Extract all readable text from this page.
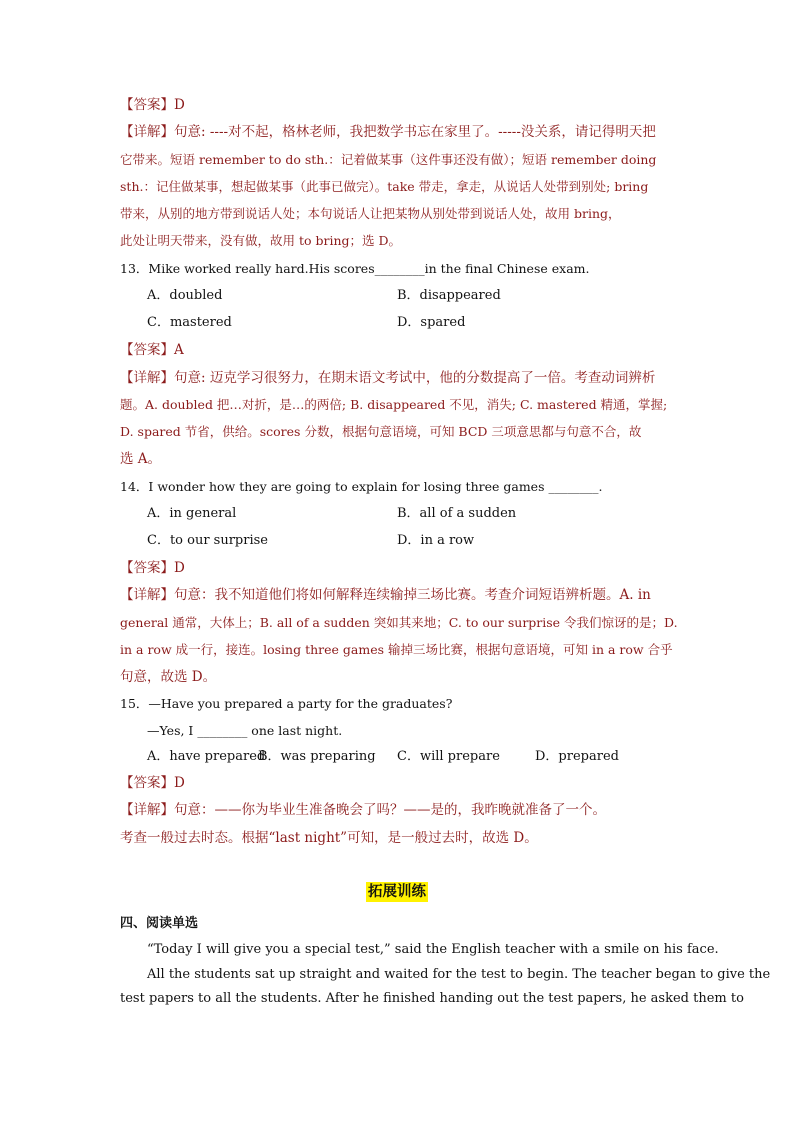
【答案】D
【详解】句意: ----对不起，格林老师，我把数学书忘在家里了。-----没关系，请记得明天把
它带来。短语 remember to do sth.：记着做某事（这件事还没有做）；短语 remember doing
sth.：记住做某事，想起做某事（此事已做完）。take 带走，拿走，从说话人处带到别处; bring
带来，从别的地方带到说话人处；本句说话人让把某物从别处带到说话人处，故用 bring，
此处让明天带来，没有做，故用 to bring；选 D。
13．Mike worked really hard.His scores________in the final Chinese exam.
A．doubled	B．disappeared
C．mastered	D．spared
【答案】A
【详解】句意: 迈克学习很努力，在期末语文考试中，他的分数提高了一倍。考查动词辨析
题。A. doubled 把…对折，是…的两倍; B. disappeared 不见，消失; C. mastered 精通，掌握;
D. spared 节省，供给。scores 分数，根据句意语境，可知 BCD 三项意思都与句意不合，故
选 A。
14．I wonder how they are going to explain for losing three games ________.
A．in general	B．all of a sudden
C．to our surprise	D．in a row
【答案】D
【详解】句意：我不知道他们将如何解释连续输掉三场比赛。考查介词短语辨析题。A. in
general 通常，大体上；B. all of a sudden 突如其来地；C. to our surprise 令我们惊讶的是；D.
in a row 成一行，接连。losing three games 输掉三场比赛，根据句意语境，可知 in a row 合乎
句意，故选 D。
15．—Have you prepared a party for the graduates?
—Yes, I ________ one last night.
A．have prepared
B．was preparing C．will prepare	D．prepared
【答案】D
【详解】句意：——你为毕业生准备晚会了吗？——是的，我昨晚就准备了一个。
考查一般过去时态。根据“last night”可知，是一般过去时，故选 D。
拓展训练
四、阅读单选
“Today I will give you a special test,” said the English teacher with a smile on his face.
All the students sat up straight and waited for the test to begin. The teacher began to give the
test papers to all the students. After he finished handing out the test papers, he asked them to
